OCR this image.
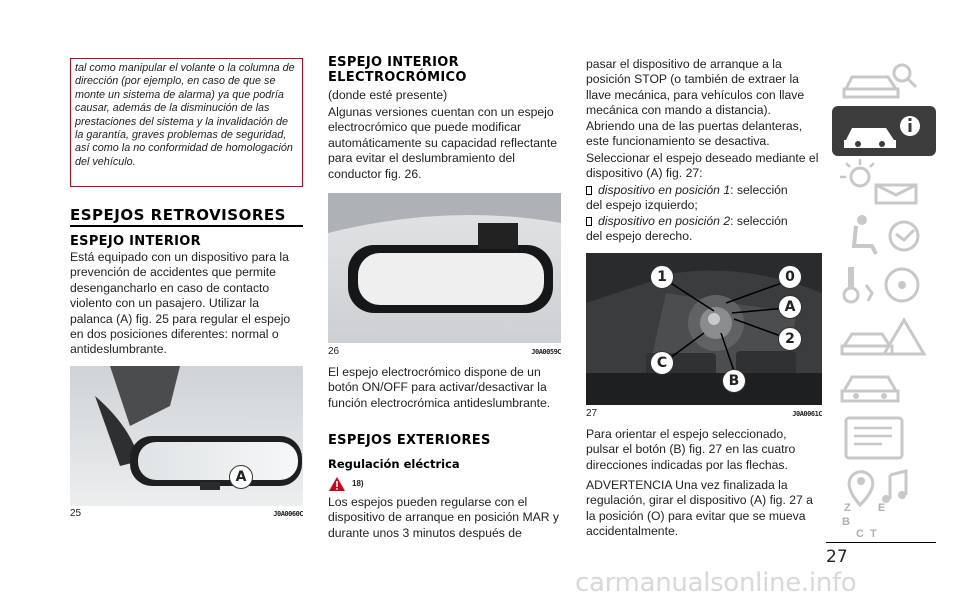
tal como manipular el volante o la columna de dirección (por ejemplo, en caso de que se monte un sistema de alarma) ya que podría causar, además de la disminución de las prestaciones del sistema y la invalidación de la garantía, graves problemas de seguridad, así como la no conformidad de homologación del vehículo.
ESPEJOS RETROVISORES
ESPEJO INTERIOR
Está equipado con un dispositivo para la prevención de accidentes que permite desengancharlo en caso de contacto violento con un pasajero. Utilizar la palanca (A) fig. 25 para regular el espejo en dos posiciones diferentes: normal o antideslumbrante.
A
25	J0A0060C
ESPEJO INTERIOR
ELECTROCRÓMICO
(donde esté presente)
Algunas versiones cuentan con un espejo electrocrómico que puede modificar automáticamente su capacidad reflectante para evitar el deslumbramiento del conductor fig. 26.
26	J0A0059C
El espejo electrocrómico dispone de un botón ON/OFF para activar/desactivar la función electrocrómica antideslumbrante.
ESPEJOS EXTERIORES
Regulación eléctrica
18)
Los espejos pueden regularse con el dispositivo de arranque en posición MAR y durante unos 3 minutos después de
pasar el dispositivo de arranque a la posición STOP (o también de extraer la llave mecánica, para vehículos con llave mecánica con mando a distancia). Abriendo una de las puertas delanteras, este funcionamiento se desactiva.
Seleccionar el espejo deseado mediante el dispositivo (A) fig. 27:
dispositivo en posición 1: selección
del espejo izquierdo;
dispositivo en posición 2: selección
del espejo derecho.
1	0
A
2
C
B
27	J0A0061C
Para orientar el espejo seleccionado, pulsar el botón (B) fig. 27 en las cuatro direcciones indicadas por las flechas.
ADVERTENCIA Una vez finalizada la regulación, girar el dispositivo (A) fig. 27 a la posición (O) para evitar que se mueva accidentalmente.
Z E
B
C T
27
carmanualsonline.info
